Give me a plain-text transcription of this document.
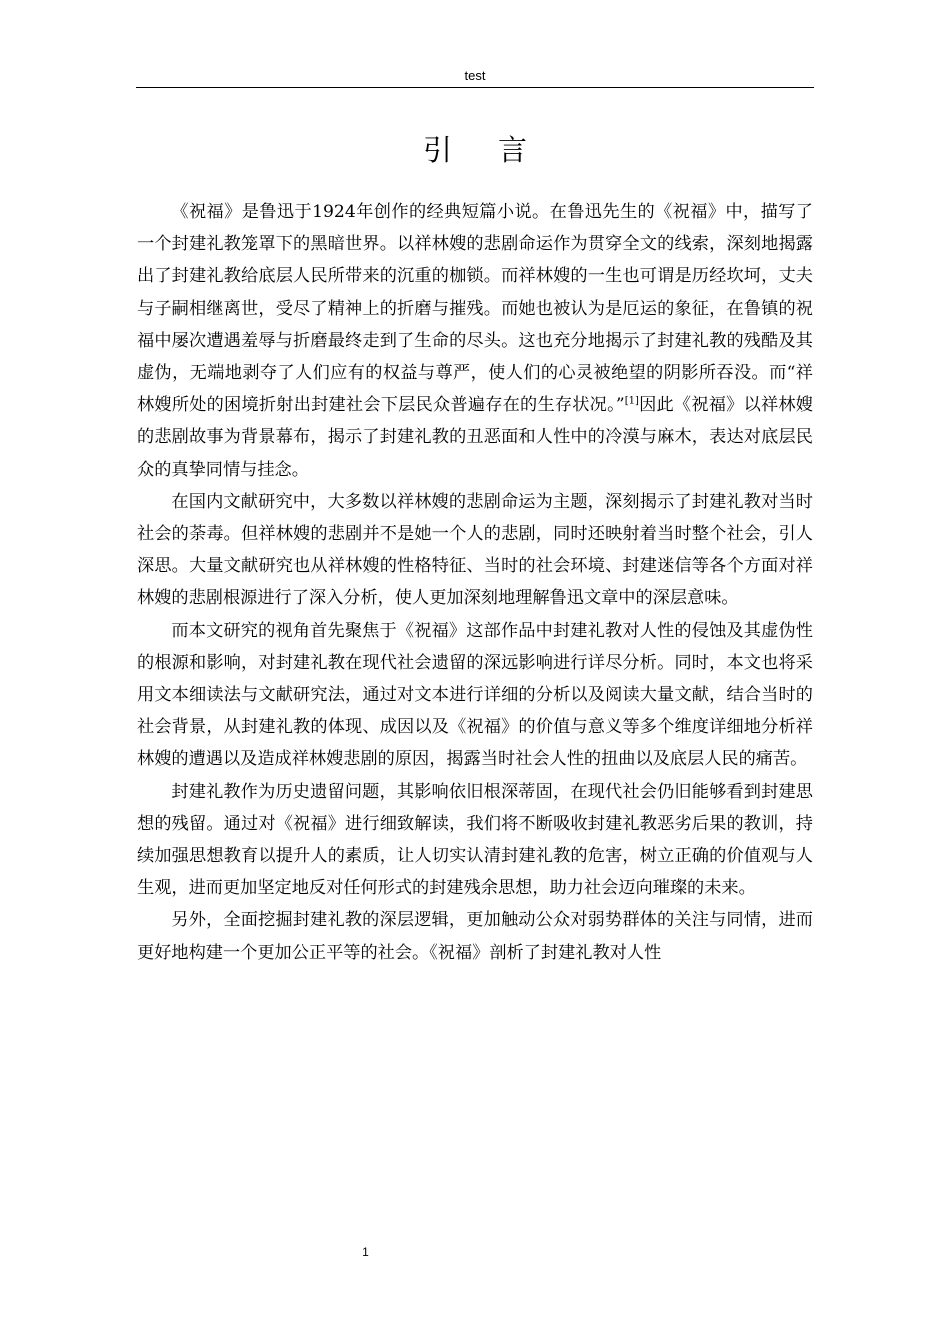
test
引言

《祝福》是鲁迅于1924年创作的经典短篇小说。在鲁迅先生的《祝福》中，描写了一个封建礼教笼罩下的黑暗世界。以祥林嫂的悲剧命运作为贯穿全文的线索，深刻地揭露出了封建礼教给底层人民所带来的沉重的枷锁。而祥林嫂的一生也可谓是历经坎坷，丈夫与子嗣相继离世，受尽了精神上的折磨与摧残。而她也被认为是厄运的象征，在鲁镇的祝福中屡次遭遇羞辱与折磨最终走到了生命的尽头。这也充分地揭示了封建礼教的残酷及其虚伪，无端地剥夺了人们应有的权益与尊严，使人们的心灵被绝望的阴影所吞没。而“祥林嫂所处的困境折射出封建社会下层民众普遍存在的生存状况。”[1]因此《祝福》以祥林嫂的悲剧故事为背景幕布，揭示了封建礼教的丑恶面和人性中的冷漠与麻木，表达对底层民众的真挚同情与挂念。

在国内文献研究中，大多数以祥林嫂的悲剧命运为主题，深刻揭示了封建礼教对当时社会的荼毒。但祥林嫂的悲剧并不是她一个人的悲剧，同时还映射着当时整个社会，引人深思。大量文献研究也从祥林嫂的性格特征、当时的社会环境、封建迷信等各个方面对祥林嫂的悲剧根源进行了深入分析，使人更加深刻地理解鲁迅文章中的深层意味。

而本文研究的视角首先聚焦于《祝福》这部作品中封建礼教对人性的侵蚀及其虚伪性的根源和影响，对封建礼教在现代社会遗留的深远影响进行详尽分析。同时，本文也将采用文本细读法与文献研究法，通过对文本进行详细的分析以及阅读大量文献，结合当时的社会背景，从封建礼教的体现、成因以及《祝福》的价值与意义等多个维度详细地分析祥林嫂的遭遇以及造成祥林嫂悲剧的原因，揭露当时社会人性的扭曲以及底层人民的痛苦。

封建礼教作为历史遗留问题，其影响依旧根深蒂固，在现代社会仍旧能够看到封建思想的残留。通过对《祝福》进行细致解读，我们将不断吸收封建礼教恶劣后果的教训，持续加强思想教育以提升人的素质，让人切实认清封建礼教的危害，树立正确的价值观与人生观，进而更加坚定地反对任何形式的封建残余思想，助力社会迈向璀璨的未来。

另外，全面挖掘封建礼教的深层逻辑，更加触动公众对弱势群体的关注与同情，进而更好地构建一个更加公正平等的社会。《祝福》剖析了封建礼教对人性

1
